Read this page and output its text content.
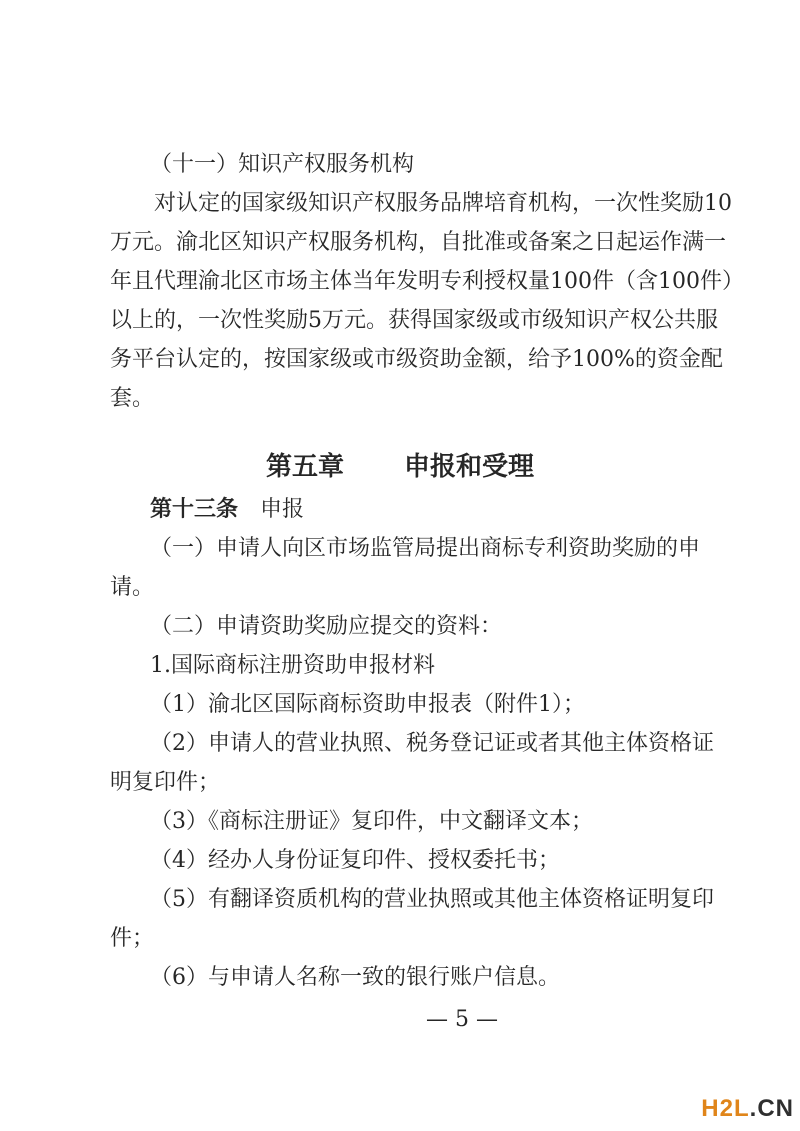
（十一）知识产权服务机构
对认定的国家级知识产权服务品牌培育机构，一次性奖励10
万元。渝北区知识产权服务机构，自批准或备案之日起运作满一
年且代理渝北区市场主体当年发明专利授权量100件（含100件）
以上的，一次性奖励5万元。获得国家级或市级知识产权公共服
务平台认定的，按国家级或市级资助金额，给予100%的资金配
套。
第五章 申报和受理
第十三条 申报
（一）申请人向区市场监管局提出商标专利资助奖励的申
请。
（二）申请资助奖励应提交的资料：
1.国际商标注册资助申报材料
（1）渝北区国际商标资助申报表（附件1）；
（2）申请人的营业执照、税务登记证或者其他主体资格证
明复印件；
（3）《商标注册证》复印件，中文翻译文本；
（4）经办人身份证复印件、授权委托书；
（5）有翻译资质机构的营业执照或其他主体资格证明复印
件；
（6）与申请人名称一致的银行账户信息。
— 5 —
H2L.CN
